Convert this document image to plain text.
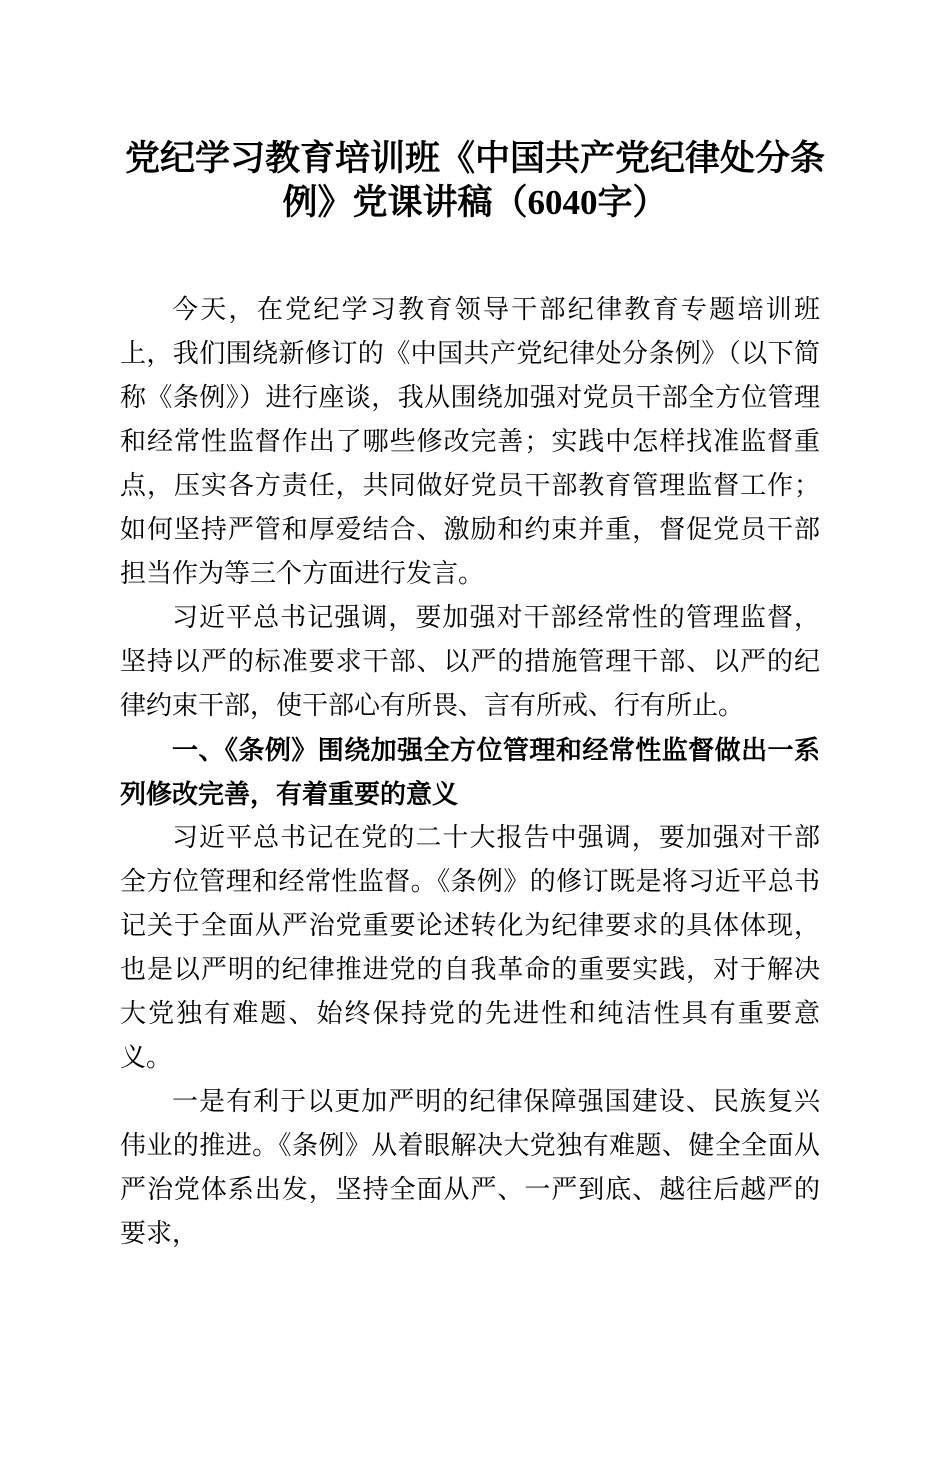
党纪学习教育培训班《中国共产党纪律处分条例》党课讲稿（6040字）

今天，在党纪学习教育领导干部纪律教育专题培训班上，我们围绕新修订的《中国共产党纪律处分条例》（以下简称《条例》）进行座谈，我从围绕加强对党员干部全方位管理和经常性监督作出了哪些修改完善；实践中怎样找准监督重点，压实各方责任，共同做好党员干部教育管理监督工作；如何坚持严管和厚爱结合、激励和约束并重，督促党员干部担当作为等三个方面进行发言。

习近平总书记强调，要加强对干部经常性的管理监督，坚持以严的标准要求干部、以严的措施管理干部、以严的纪律约束干部，使干部心有所畏、言有所戒、行有所止。

一、《条例》围绕加强全方位管理和经常性监督做出一系列修改完善，有着重要的意义

习近平总书记在党的二十大报告中强调，要加强对干部全方位管理和经常性监督。《条例》的修订既是将习近平总书记关于全面从严治党重要论述转化为纪律要求的具体体现，也是以严明的纪律推进党的自我革命的重要实践，对于解决大党独有难题、始终保持党的先进性和纯洁性具有重要意义。

一是有利于以更加严明的纪律保障强国建设、民族复兴伟业的推进。《条例》从着眼解决大党独有难题、健全全面从严治党体系出发，坚持全面从严、一严到底、越往后越严的要求，
